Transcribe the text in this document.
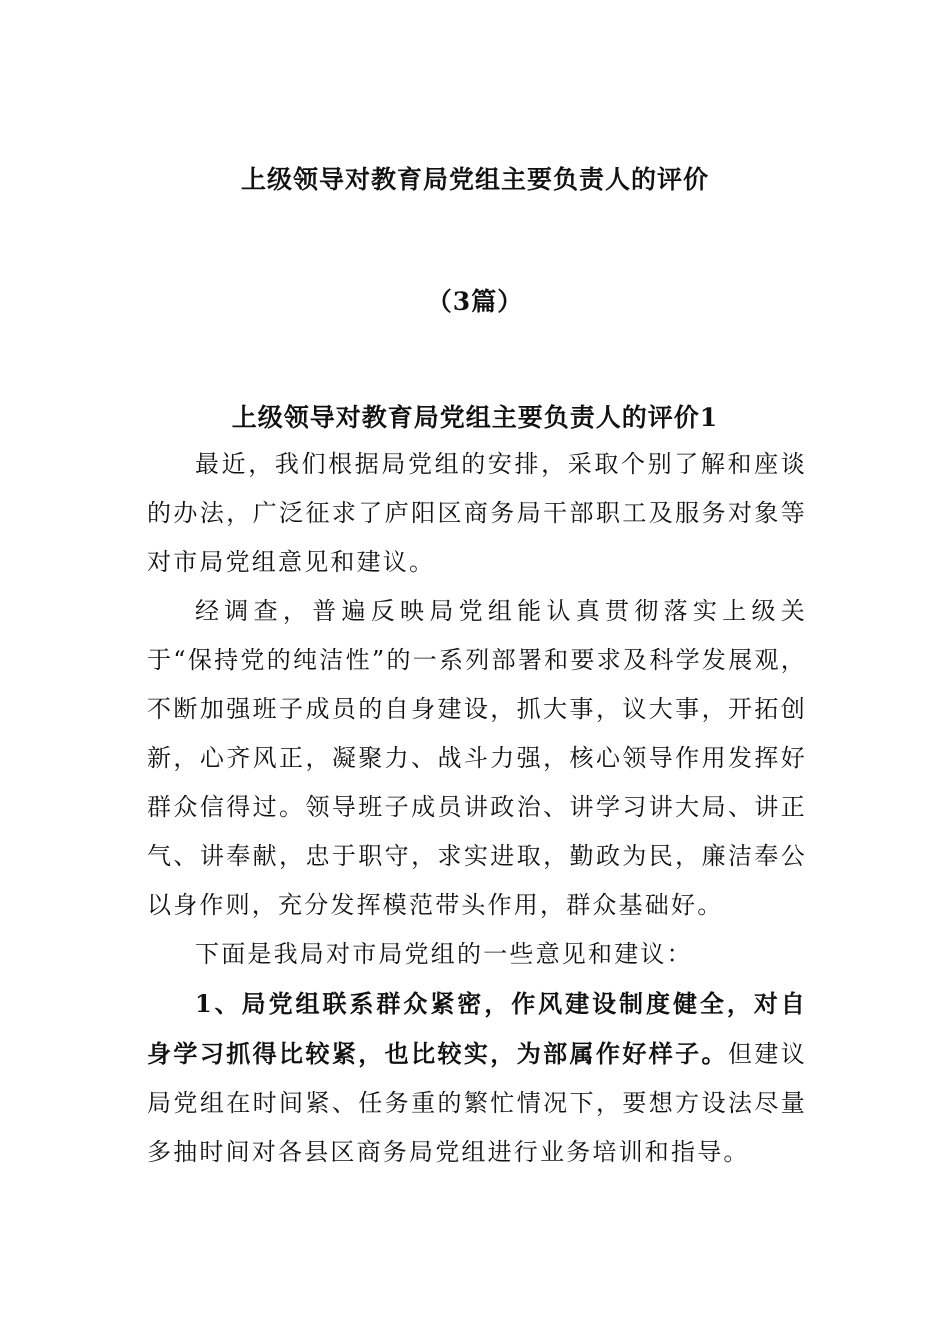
上级领导对教育局党组主要负责人的评价
（3篇）
上级领导对教育局党组主要负责人的评价1

最近，我们根据局党组的安排，采取个别了解和座谈的办法，广泛征求了庐阳区商务局干部职工及服务对象等对市局党组意见和建议。

经调查，普遍反映局党组能认真贯彻落实上级关于“保持党的纯洁性”的一系列部署和要求及科学发展观，不断加强班子成员的自身建设，抓大事，议大事，开拓创新，心齐风正，凝聚力、战斗力强，核心领导作用发挥好群众信得过。领导班子成员讲政治、讲学习讲大局、讲正气、讲奉献，忠于职守，求实进取，勤政为民，廉洁奉公以身作则，充分发挥模范带头作用，群众基础好。

下面是我局对市局党组的一些意见和建议：

1、局党组联系群众紧密，作风建设制度健全，对自身学习抓得比较紧，也比较实，为部属作好样子。但建议局党组在时间紧、任务重的繁忙情况下，要想方设法尽量多抽时间对各县区商务局党组进行业务培训和指导。
